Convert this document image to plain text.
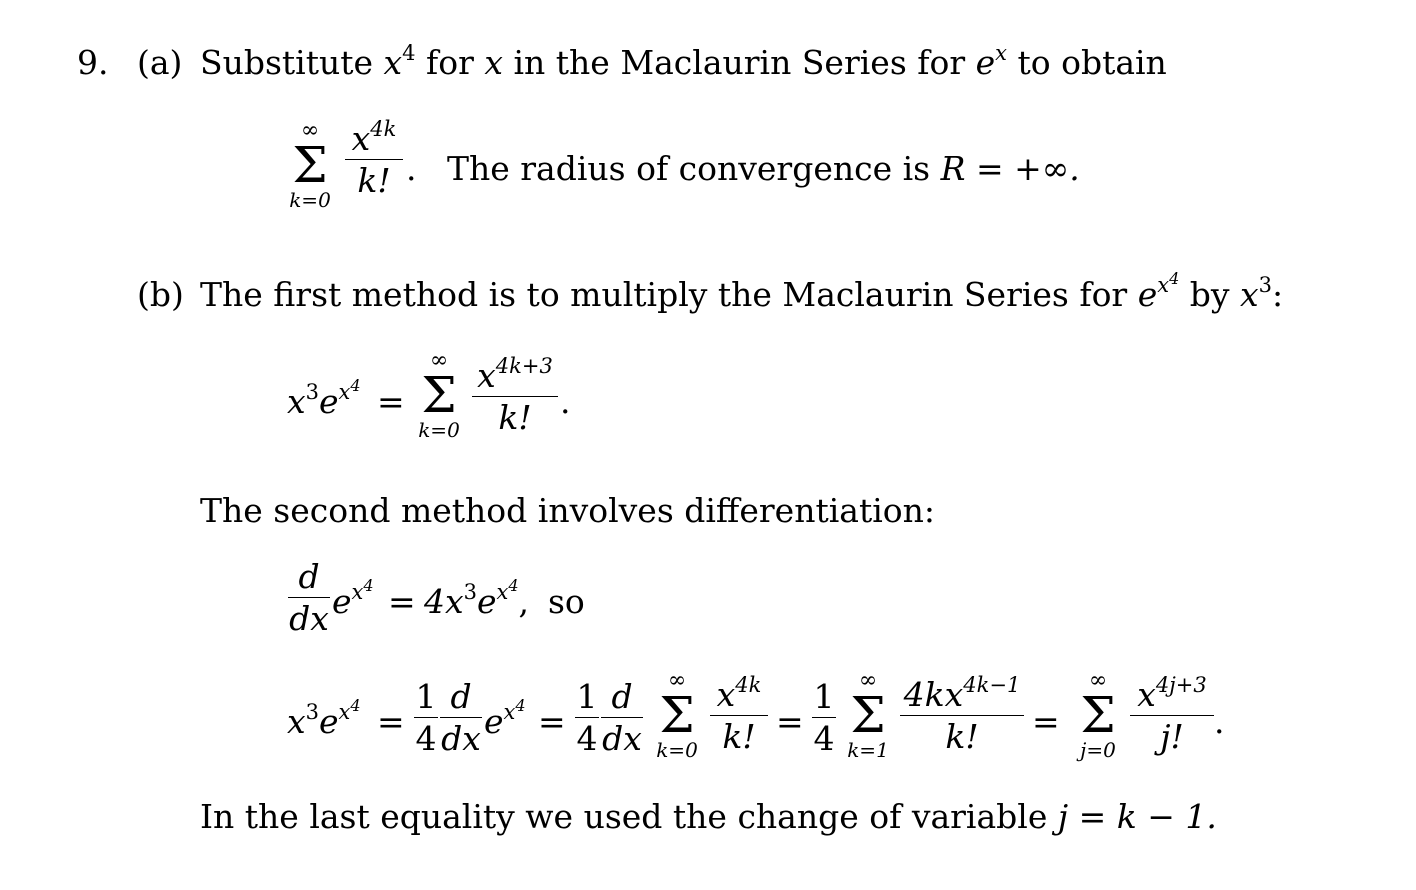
9. (a) Substitute $x^4$ for x in the Maclaurin Series for $e^x$ to obtain
∞
Σ
k=0
$x^{4k}$
k! . The radius of convergence is R = +∞.
(b) The first method is to multiply the Maclaurin Series for $e^{x^4}$ by $x^3$:
$x^3e^{x^4}$ =
∞
Σ
k=0
$x^{4k+3}$
k! .
The second method involves differentiation:
d
dx $e^{x^4} = 4x^3e^{x^4}$, so
$x^3e^{x^4}$ =
1
4
d
dx $e^{x^4}$ =
1
4
d
dx
∞
Σ
k=0
$x^{4k}$
k! =
1
4
∞
Σ
k=1
$4kx^{4k-1}$
k!	=
∞
Σ
j=0
$x^{4j+3}$
j! .
In the last equality we used the change of variable j = k − 1.
